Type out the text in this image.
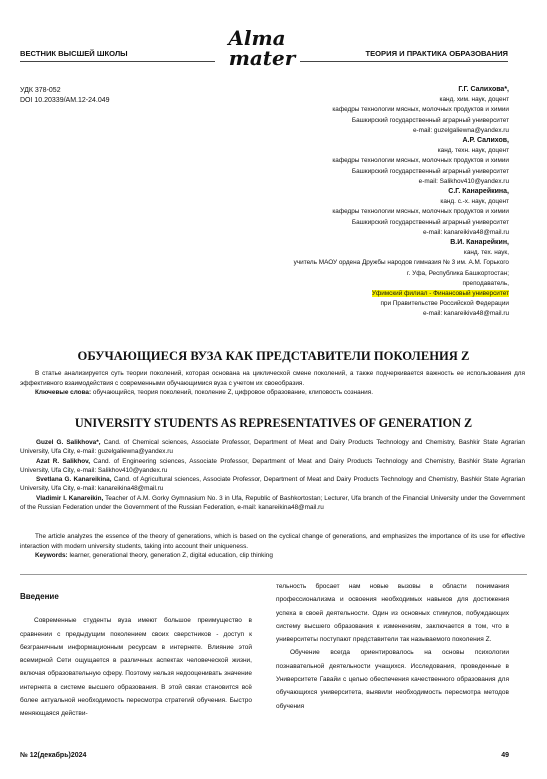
ВЕСТНИК ВЫСШЕЙ ШКОЛЫ
Alma
mater	ТЕОРИЯ И ПРАКТИКА ОБРАЗОВАНИЯ
УДК 378-052
DOI 10.20339/AM.12-24.049
Г.Г. Салихова*,
канд. хим. наук, доцент
кафедры технологии мясных, молочных продуктов и химии
Башкирский государственный аграрный университет
e-mail: guzelgaliewna@yandex.ru
А.Р. Салихов,
канд. техн. наук, доцент
кафедры технологии мясных, молочных продуктов и химии
Башкирский государственный аграрный университет
e-mail: Salikhov410@yandex.ru
С.Г. Канарейкина,
канд. с.-х. наук, доцент
кафедры технологии мясных, молочных продуктов и химии
Башкирский государственный аграрный университет
e-mail: kanareikiva48@mail.ru
В.И. Канарейкин,
канд. тех. наук,
учитель МАОУ ордена Дружбы народов гимназия № 3 им. А.М. Горького
г. Уфа, Республика Башкортостан;
преподаватель,
Уфимский филиал - Финансовый университет
при Правительстве Российской Федерации
e-mail: kanareikiva48@mail.ru
ОБУЧАЮЩИЕСЯ ВУЗА КАК ПРЕДСТАВИТЕЛИ ПОКОЛЕНИЯ Z

В статье анализируется суть теории поколений, которая основана на циклической смене поколений, а также подчеркивается важность ее использования для эффективного взаимодействия с современными обучающимися вуза с учетом их своеобразия.

Ключевые слова: обучающийся, теория поколений, поколение Z, цифровое образование, клиповость сознания.

UNIVERSITY STUDENTS AS REPRESENTATIVES OF GENERATION Z

Guzel G. Salikhova*, Cand. of Chemical sciences, Associate Professor, Department of Meat and Dairy Products Technology and Chemistry, Bashkir State Agrarian University, Ufa City, e-mail: guzelgaliewna@yandex.ru

Azat R. Salikhov, Cand. of Engineering sciences, Associate Professor, Department of Meat and Dairy Products Technology and Chemistry, Bashkir State Agrarian University, Ufa City, e-mail: Salikhov410@yandex.ru

Svetlana G. Kanareikina, Cand. of Agricultural sciences, Associate Professor, Department of Meat and Dairy Products Technology and Chemistry, Bashkir State Agrarian University, Ufa City, e-mail: kanareikina48@mail.ru

Vladimir I. Kanareikin, Teacher of A.M. Gorky Gymnasium No. 3 in Ufa, Republic of Bashkortostan; Lecturer, Ufa branch of the Financial University under the Government of the Russian Federation under the Government of the Russian Federation, e-mail: kanareikina48@mail.ru

The article analyzes the essence of the theory of generations, which is based on the cyclical change of generations, and emphasizes the importance of its use for effective interaction with modern university students, taking into account their uniqueness.

Keywords: learner, generational theory, generation Z, digital education, clip thinking

Введение

Современные студенты вуза имеют большое преимущество в сравнении с предыдущим поколением своих сверстников - доступ к безграничным информационным ресурсам в интернете. Влияние этой всемирной Сети ощущается в различных аспектах человеческой жизни, включая образовательную сферу. Поэтому нельзя недооценивать значение интернета в системе высшего образования. В этой связи становится всё более актуальной необходимость пересмотра стратегий обучения. Быстро меняющаяся действи-

тельность бросает нам новые вызовы в области понимания профессионализма и освоения необходимых навыков для достижения успеха в своей деятельности. Один из основных стимулов, побуждающих систему высшего образования к изменениям, заключается в том, что в университеты поступают представители так называемого поколения Z.

Обучение всегда ориентировалось на основы психологии познавательной деятельности учащихся. Исследования, проведенные в Университете Гавайи с целью обеспечения качественного образования для обучающихся университета, выявили необходимость пересмотра методов обучения

№ 12(декабрь)2024	49
